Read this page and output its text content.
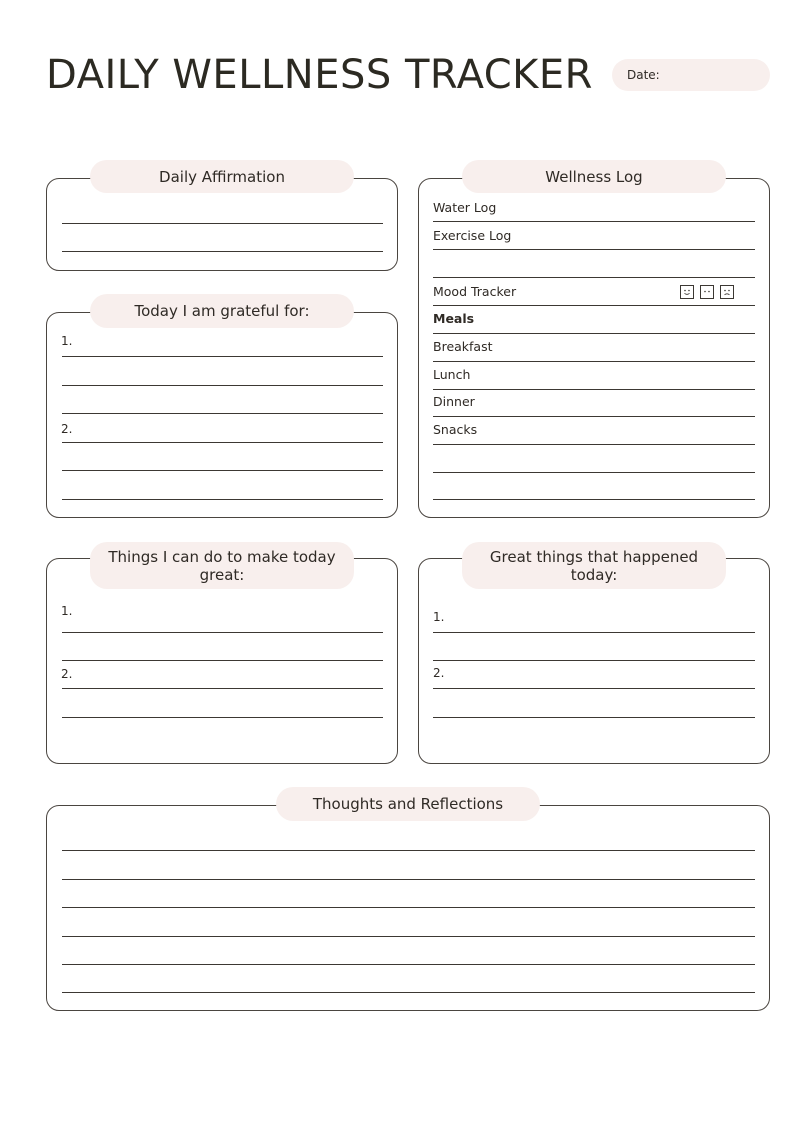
DAILY WELLNESS TRACKER	Date:
Daily Affirmation
Today I am grateful for:
1.
2.
Wellness Log
Water Log
Exercise Log
Mood Tracker
Meals
Breakfast
Lunch
Dinner
Snacks
Things I can do to make today great:
1.
2.
Great things that happened today:
1.
2.
Thoughts and Reflections
